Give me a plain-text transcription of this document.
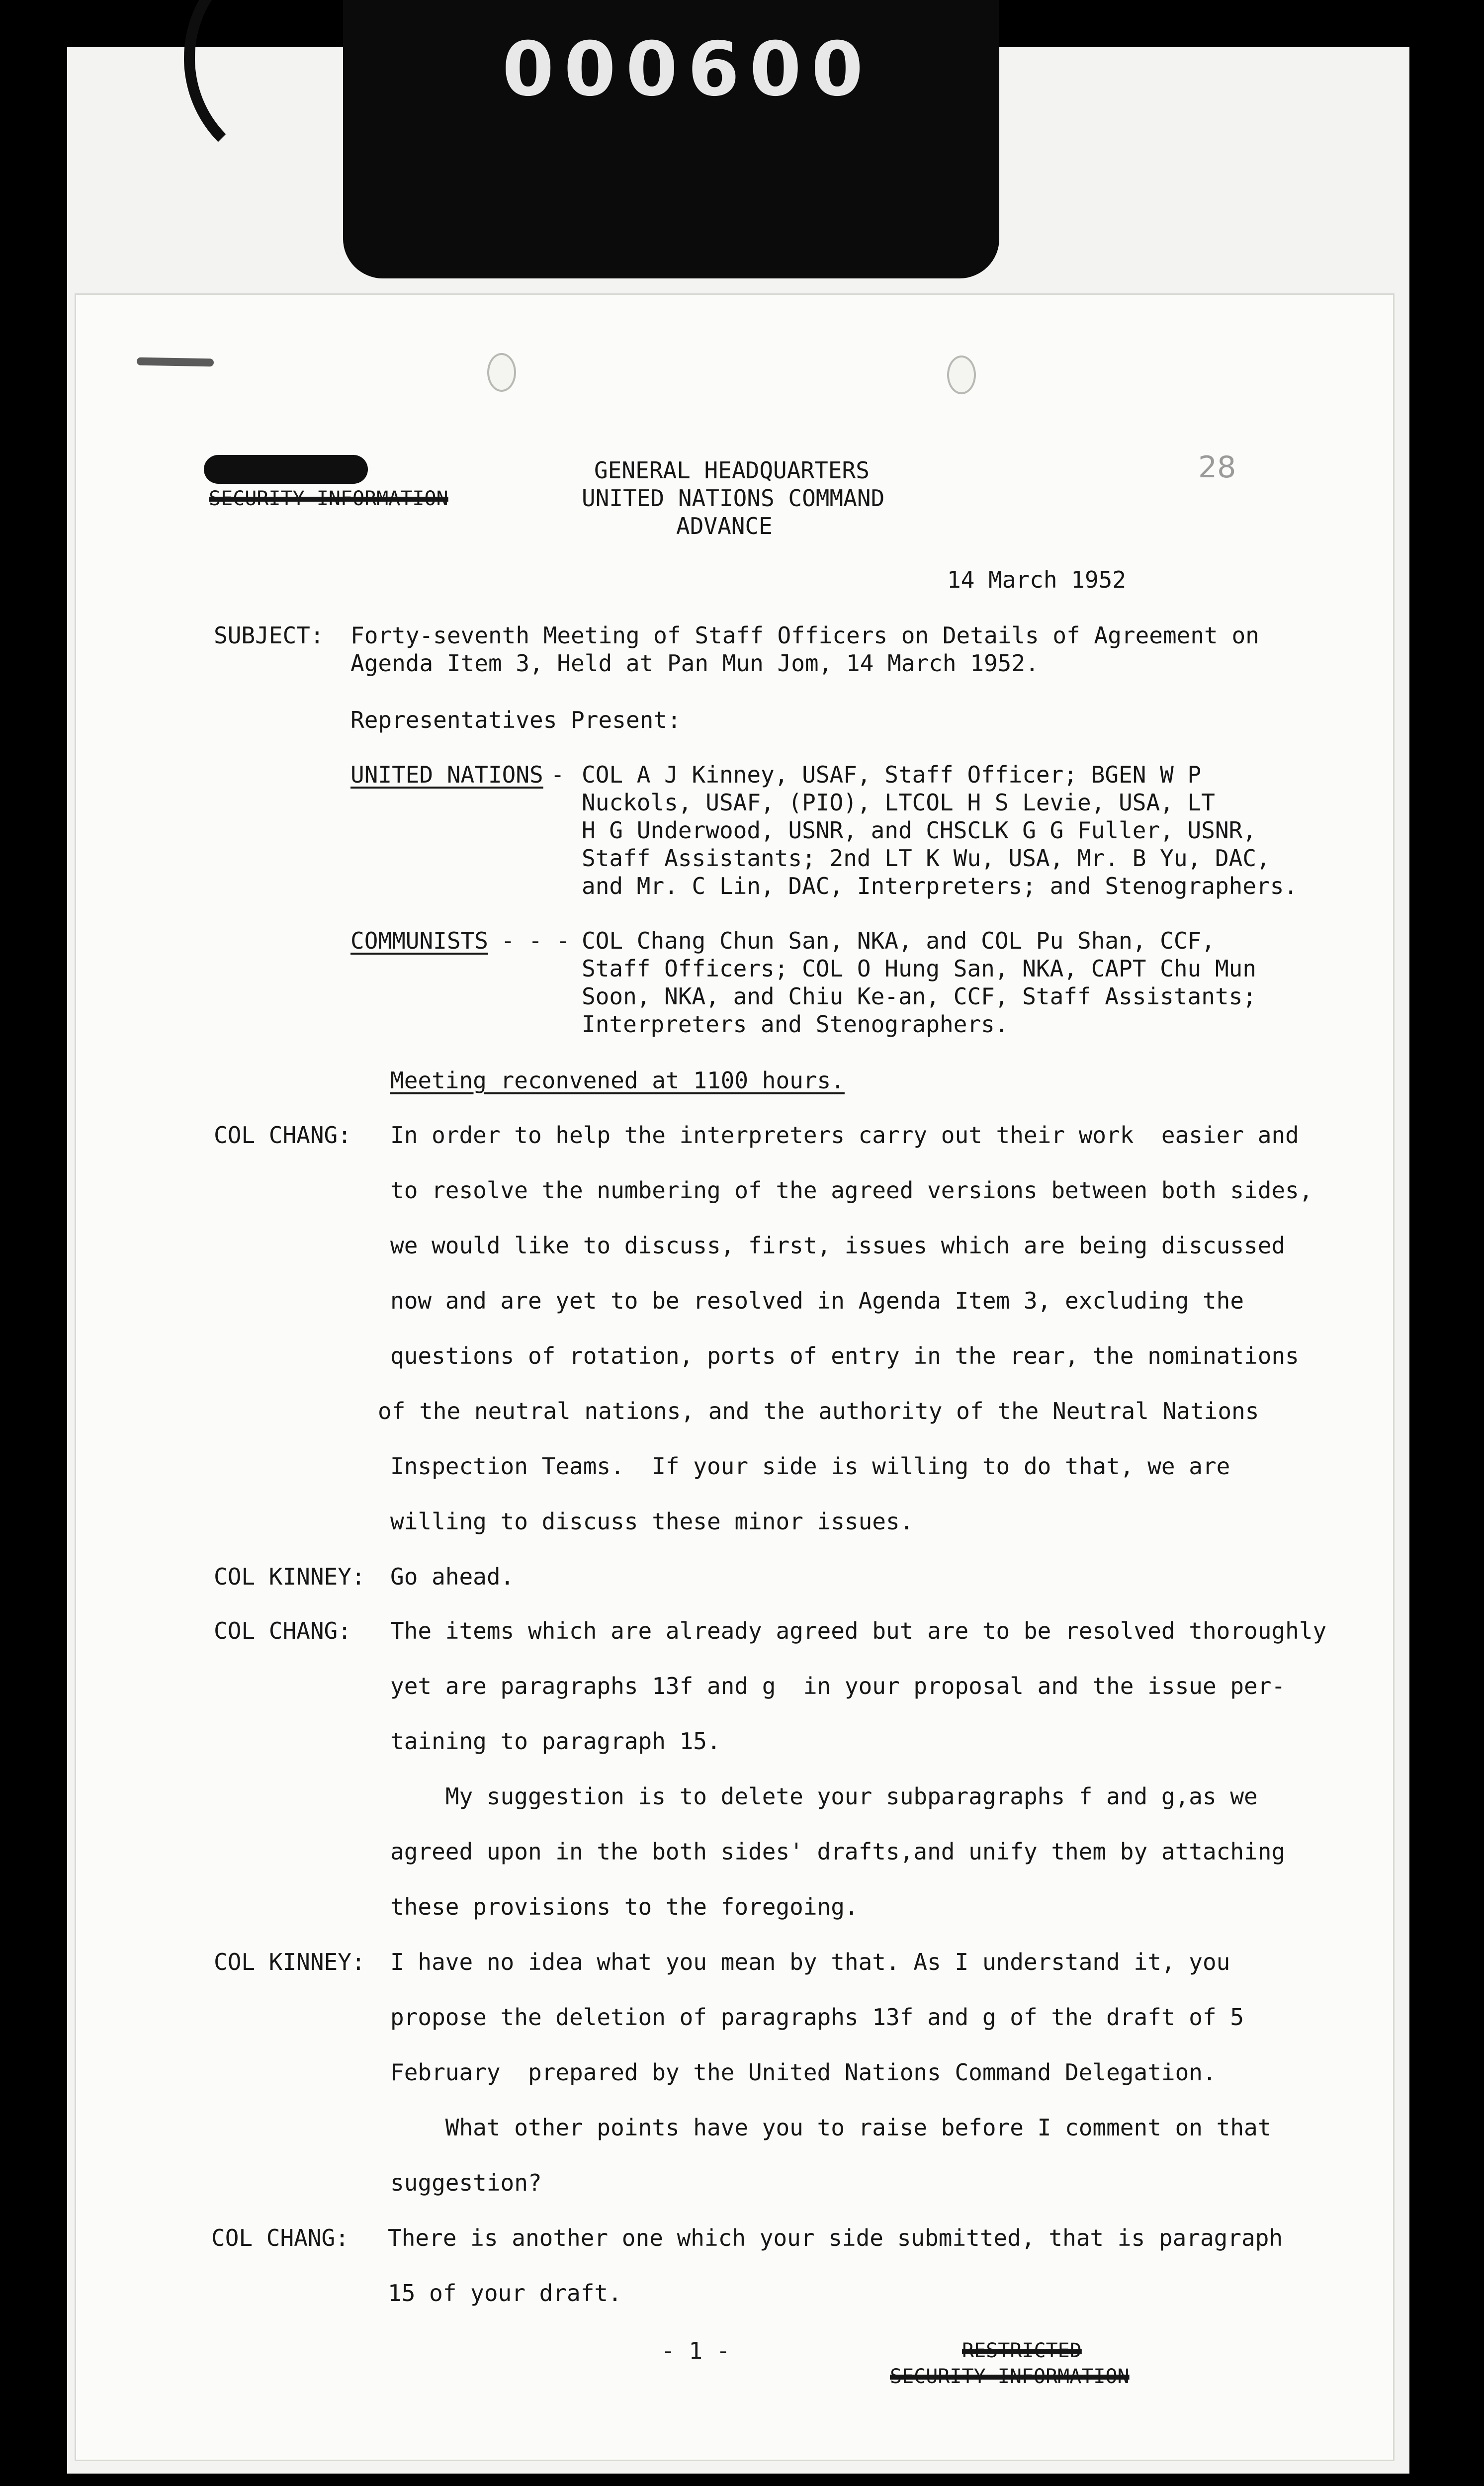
000600
SECURITY INFORMATION
GENERAL HEADQUARTERS
UNITED NATIONS COMMAND
ADVANCE
28
14 March 1952
SUBJECT: Forty-seventh Meeting of Staff Officers on Details of Agreement on
Agenda Item 3, Held at Pan Mun Jom, 14 March 1952.
Representatives Present:
UNITED NATIONS
- COL A J Kinney, USAF, Staff Officer; BGEN W P
Nuckols, USAF, (PIO), LTCOL H S Levie, USA, LT
H G Underwood, USNR, and CHSCLK G G Fuller, USNR,
Staff Assistants; 2nd LT K Wu, USA, Mr. B Yu, DAC,
and Mr. C Lin, DAC, Interpreters; and Stenographers.
COMMUNISTS
- - -
COL Chang Chun San, NKA, and COL Pu Shan, CCF,
Staff Officers; COL O Hung San, NKA, CAPT Chu Mun
Soon, NKA, and Chiu Ke-an, CCF, Staff Assistants;
Interpreters and Stenographers.
Meeting reconvened at 1100 hours.
COL CHANG: In order to help the interpreters carry out their work  easier and
to resolve the numbering of the agreed versions between both sides,
we would like to discuss, first, issues which are being discussed
now and are yet to be resolved in Agenda Item 3, excluding the
questions of rotation, ports of entry in the rear, the nominations
of the neutral nations, and the authority of the Neutral Nations
Inspection Teams.  If your side is willing to do that, we are
willing to discuss these minor issues.
COL KINNEY: Go ahead.
COL CHANG: The items which are already agreed but are to be resolved thoroughly
yet are paragraphs 13f and g  in your proposal and the issue per-
taining to paragraph 15.
My suggestion is to delete your subparagraphs f and g,as we
agreed upon in the both sides' drafts,and unify them by attaching
these provisions to the foregoing.
COL KINNEY: I have no idea what you mean by that. As I understand it, you
propose the deletion of paragraphs 13f and g of the draft of 5
February  prepared by the United Nations Command Delegation.
What other points have you to raise before I comment on that
suggestion?
COL CHANG: There is another one which your side submitted, that is paragraph
15 of your draft.
- 1 -	RESTRICTED
SECURITY INFORMATION
